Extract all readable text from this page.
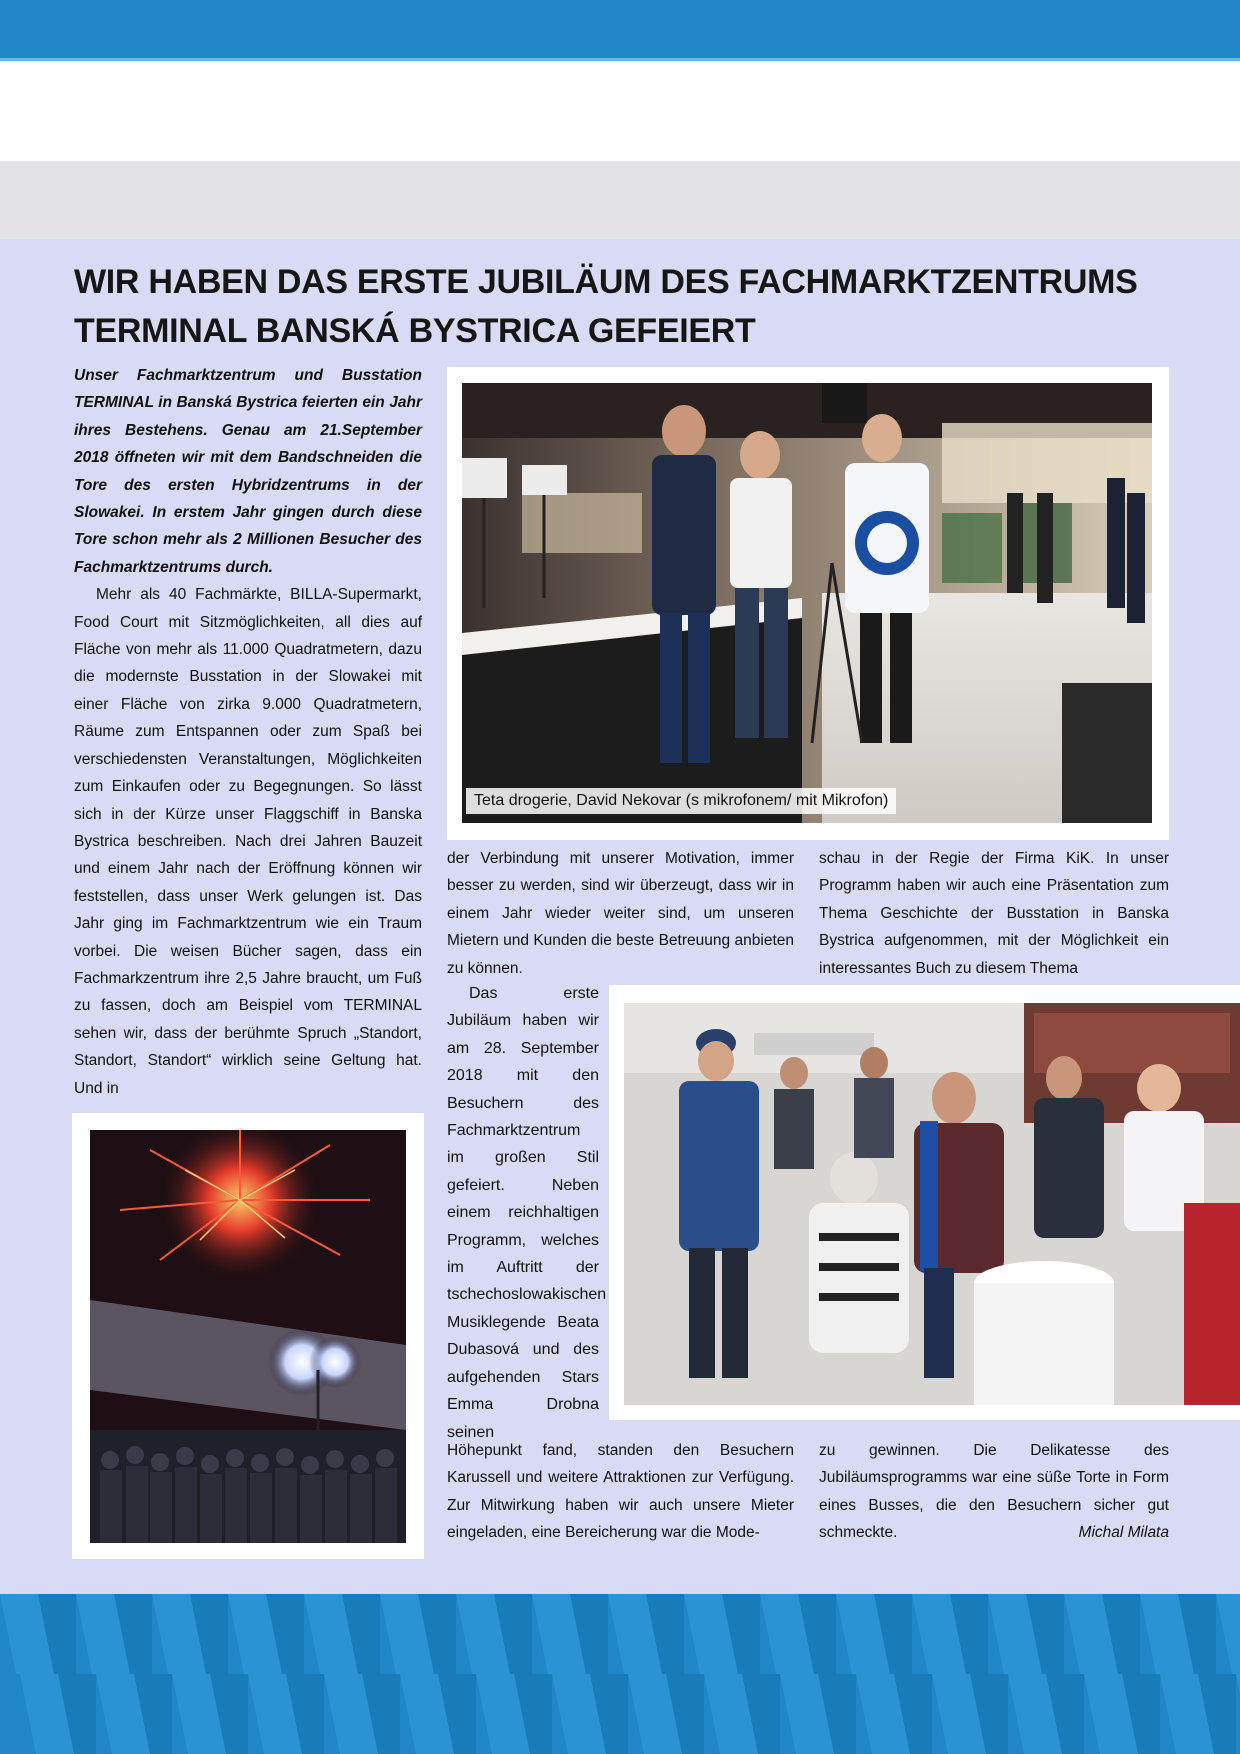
WIR HABEN DAS ERSTE JUBILÄUM DES FACHMARKTZENTRUMS
TERMINAL BANSKÁ BYSTRICA GEFEIERT

Unser Fachmarktzentrum und Busstation TERMINAL in Banská Bystrica feierten ein Jahr ihres Bestehens. Genau am 21.September 2018 öffneten wir mit dem Bandschneiden die Tore des ersten Hybridzentrums in der Slowakei. In erstem Jahr gingen durch diese Tore schon mehr als 2 Millionen Besucher des Fachmarktzentrums durch.

Mehr als 40 Fachmärkte, BILLA-Supermarkt, Food Court mit Sitzmöglichkeiten, all dies auf Fläche von mehr als 11.000 Quadratmetern, dazu die modernste Busstation in der Slowakei mit einer Fläche von zirka 9.000 Quadratmetern, Räume zum Entspannen oder zum Spaß bei verschiedensten Veranstaltungen, Möglichkeiten zum Einkaufen oder zu Begegnungen. So lässt sich in der Kürze unser Flaggschiff in Banska Bystrica beschreiben. Nach drei Jahren Bauzeit und einem Jahr nach der Eröffnung können wir feststellen, dass unser Werk gelungen ist. Das Jahr ging im Fachmarktzentrum wie ein Traum vorbei. Die weisen Bücher sagen, dass ein Fachmarkzentrum ihre 2,5 Jahre braucht, um Fuß zu fassen, doch am Beispiel vom TERMINAL sehen wir, dass der berühmte Spruch „Standort, Standort, Standort“ wirklich seine Geltung hat. Und in

Teta drogerie, David Nekovar (s mikrofonem/ mit Mikrofon)

der Verbindung mit unserer Motivation, immer besser zu werden, sind wir überzeugt, dass wir in einem Jahr wieder weiter sind, um unseren Mietern und Kunden die beste Betreuung anbieten zu können.

schau in der Regie der Firma KiK. In unser Programm haben wir auch eine Präsentation zum Thema Geschichte der Busstation in Banska Bystrica aufgenommen, mit der Möglichkeit ein interessantes Buch zu diesem Thema

Das erste Jubiläum haben wir am 28. September 2018 mit den Besuchern des Fachmarktzentrum im großen Stil gefeiert. Neben einem reichhaltigen Programm, welches im Auftritt der tschechoslowakischen Musiklegende Beata Dubasová und des aufgehenden Stars Emma Drobna seinen

Höhepunkt fand, standen den Besuchern Karussell und weitere Attraktionen zur Verfügung. Zur Mitwirkung haben wir auch unsere Mieter eingeladen, eine Bereicherung war die Mode-

zu gewinnen. Die Delikatesse des Jubiläumsprogramms war eine süße Torte in Form eines Busses, die den Besuchern sicher gut schmeckte.	Michal Milata
